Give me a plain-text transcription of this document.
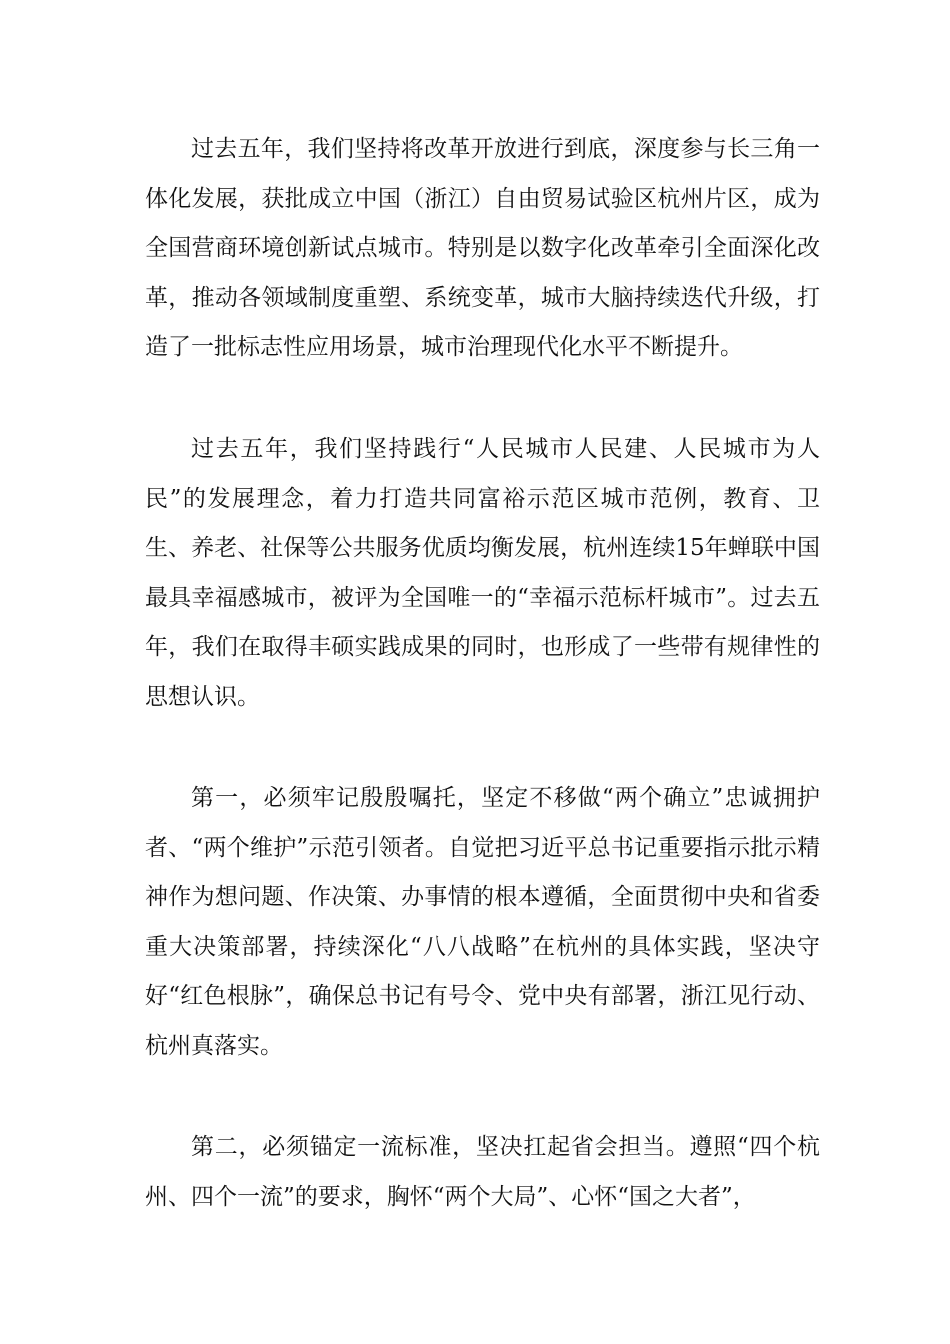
过去五年，我们坚持将改革开放进行到底，深度参与长三角一体化发展，获批成立中国（浙江）自由贸易试验区杭州片区，成为全国营商环境创新试点城市。特别是以数字化改革牵引全面深化改革，推动各领域制度重塑、系统变革，城市大脑持续迭代升级，打造了一批标志性应用场景，城市治理现代化水平不断提升。

过去五年，我们坚持践行“人民城市人民建、人民城市为人民”的发展理念，着力打造共同富裕示范区城市范例，教育、卫生、养老、社保等公共服务优质均衡发展，杭州连续15年蝉联中国最具幸福感城市，被评为全国唯一的“幸福示范标杆城市”。过去五年，我们在取得丰硕实践成果的同时，也形成了一些带有规律性的思想认识。

第一，必须牢记殷殷嘱托，坚定不移做“两个确立”忠诚拥护者、“两个维护”示范引领者。自觉把习近平总书记重要指示批示精神作为想问题、作决策、办事情的根本遵循，全面贯彻中央和省委重大决策部署，持续深化“八八战略”在杭州的具体实践，坚决守好“红色根脉”，确保总书记有号令、党中央有部署，浙江见行动、杭州真落实。

第二，必须锚定一流标准，坚决扛起省会担当。遵照“四个杭州、四个一流”的要求，胸怀“两个大局”、心怀“国之大者”，
